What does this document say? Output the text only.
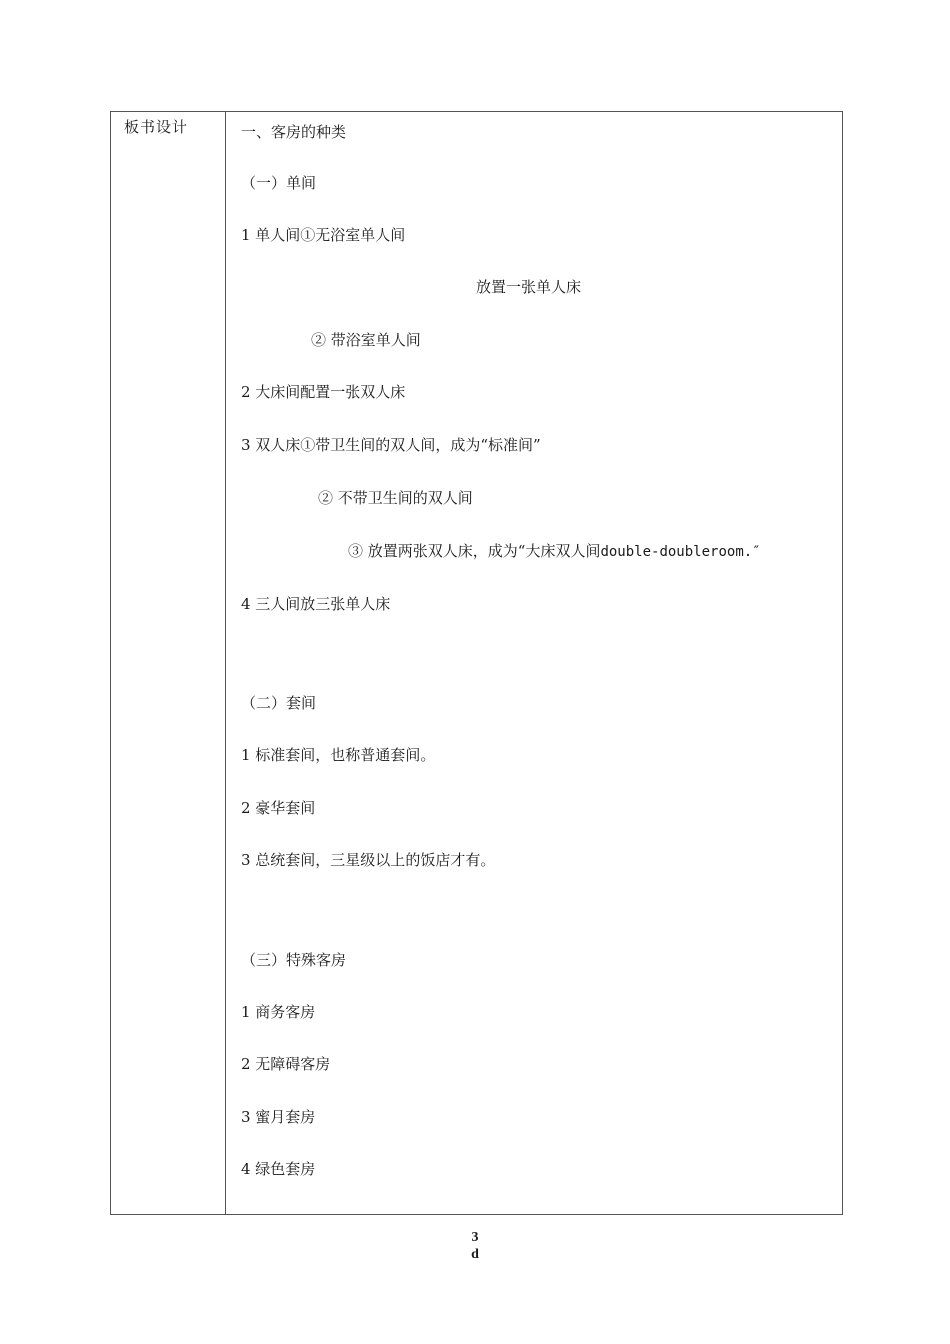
板书设计	一、客房的种类
（一）单间
1 单人间①无浴室单人间
放置一张单人床
② 带浴室单人间
2 大床间配置一张双人床
3 双人床①带卫生间的双人间，成为“标准间”
② 不带卫生间的双人间
③ 放置两张双人床，成为“大床双人间double-doubleroom.″
4 三人间放三张单人床
（二）套间
1 标准套间，也称普通套间。
2 豪华套间
3 总统套间，三星级以上的饭店才有。
（三）特殊客房
1 商务客房
2 无障碍客房
3 蜜月套房
4 绿色套房
3
d
